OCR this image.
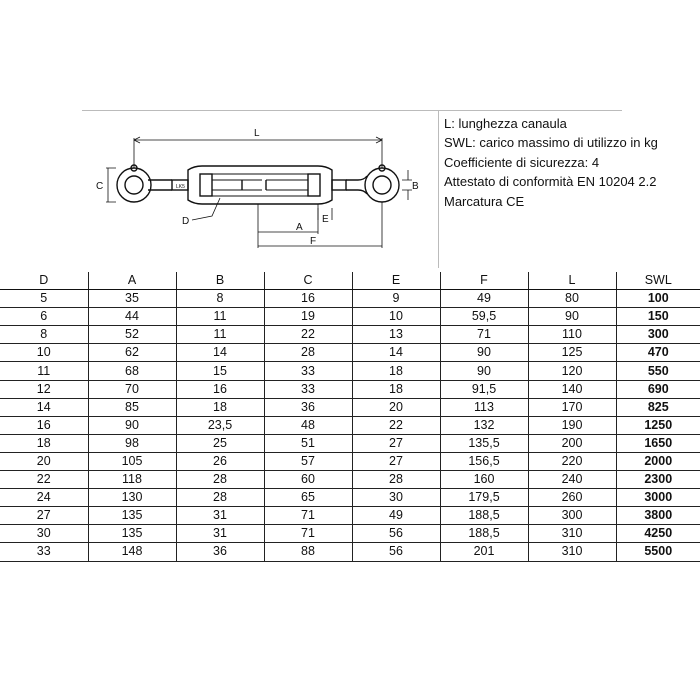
L
C	B
D	E
A
F
LK5
L: lunghezza canaula
SWL: carico massimo di utilizzo in kg
Coefficiente di sicurezza: 4
Attestato di conformità EN 10204 2.2
Marcatura CE
D	A	B	C	E	F	L	SWL
5	35	8	16	9	49	80	100
6	44	11	19	10	59,5	90	150
8	52	11	22	13	71	110	300
10	62	14	28	14	90	125	470
11	68	15	33	18	90	120	550
12	70	16	33	18	91,5	140	690
14	85	18	36	20	113	170	825
16	90	23,5	48	22	132	190	1250
18	98	25	51	27	135,5	200	1650
20	105	26	57	27	156,5	220	2000
22	118	28	60	28	160	240	2300
24	130	28	65	30	179,5	260	3000
27	135	31	71	49	188,5	300	3800
30	135	31	71	56	188,5	310	4250
33	148	36	88	56	201	310	5500
